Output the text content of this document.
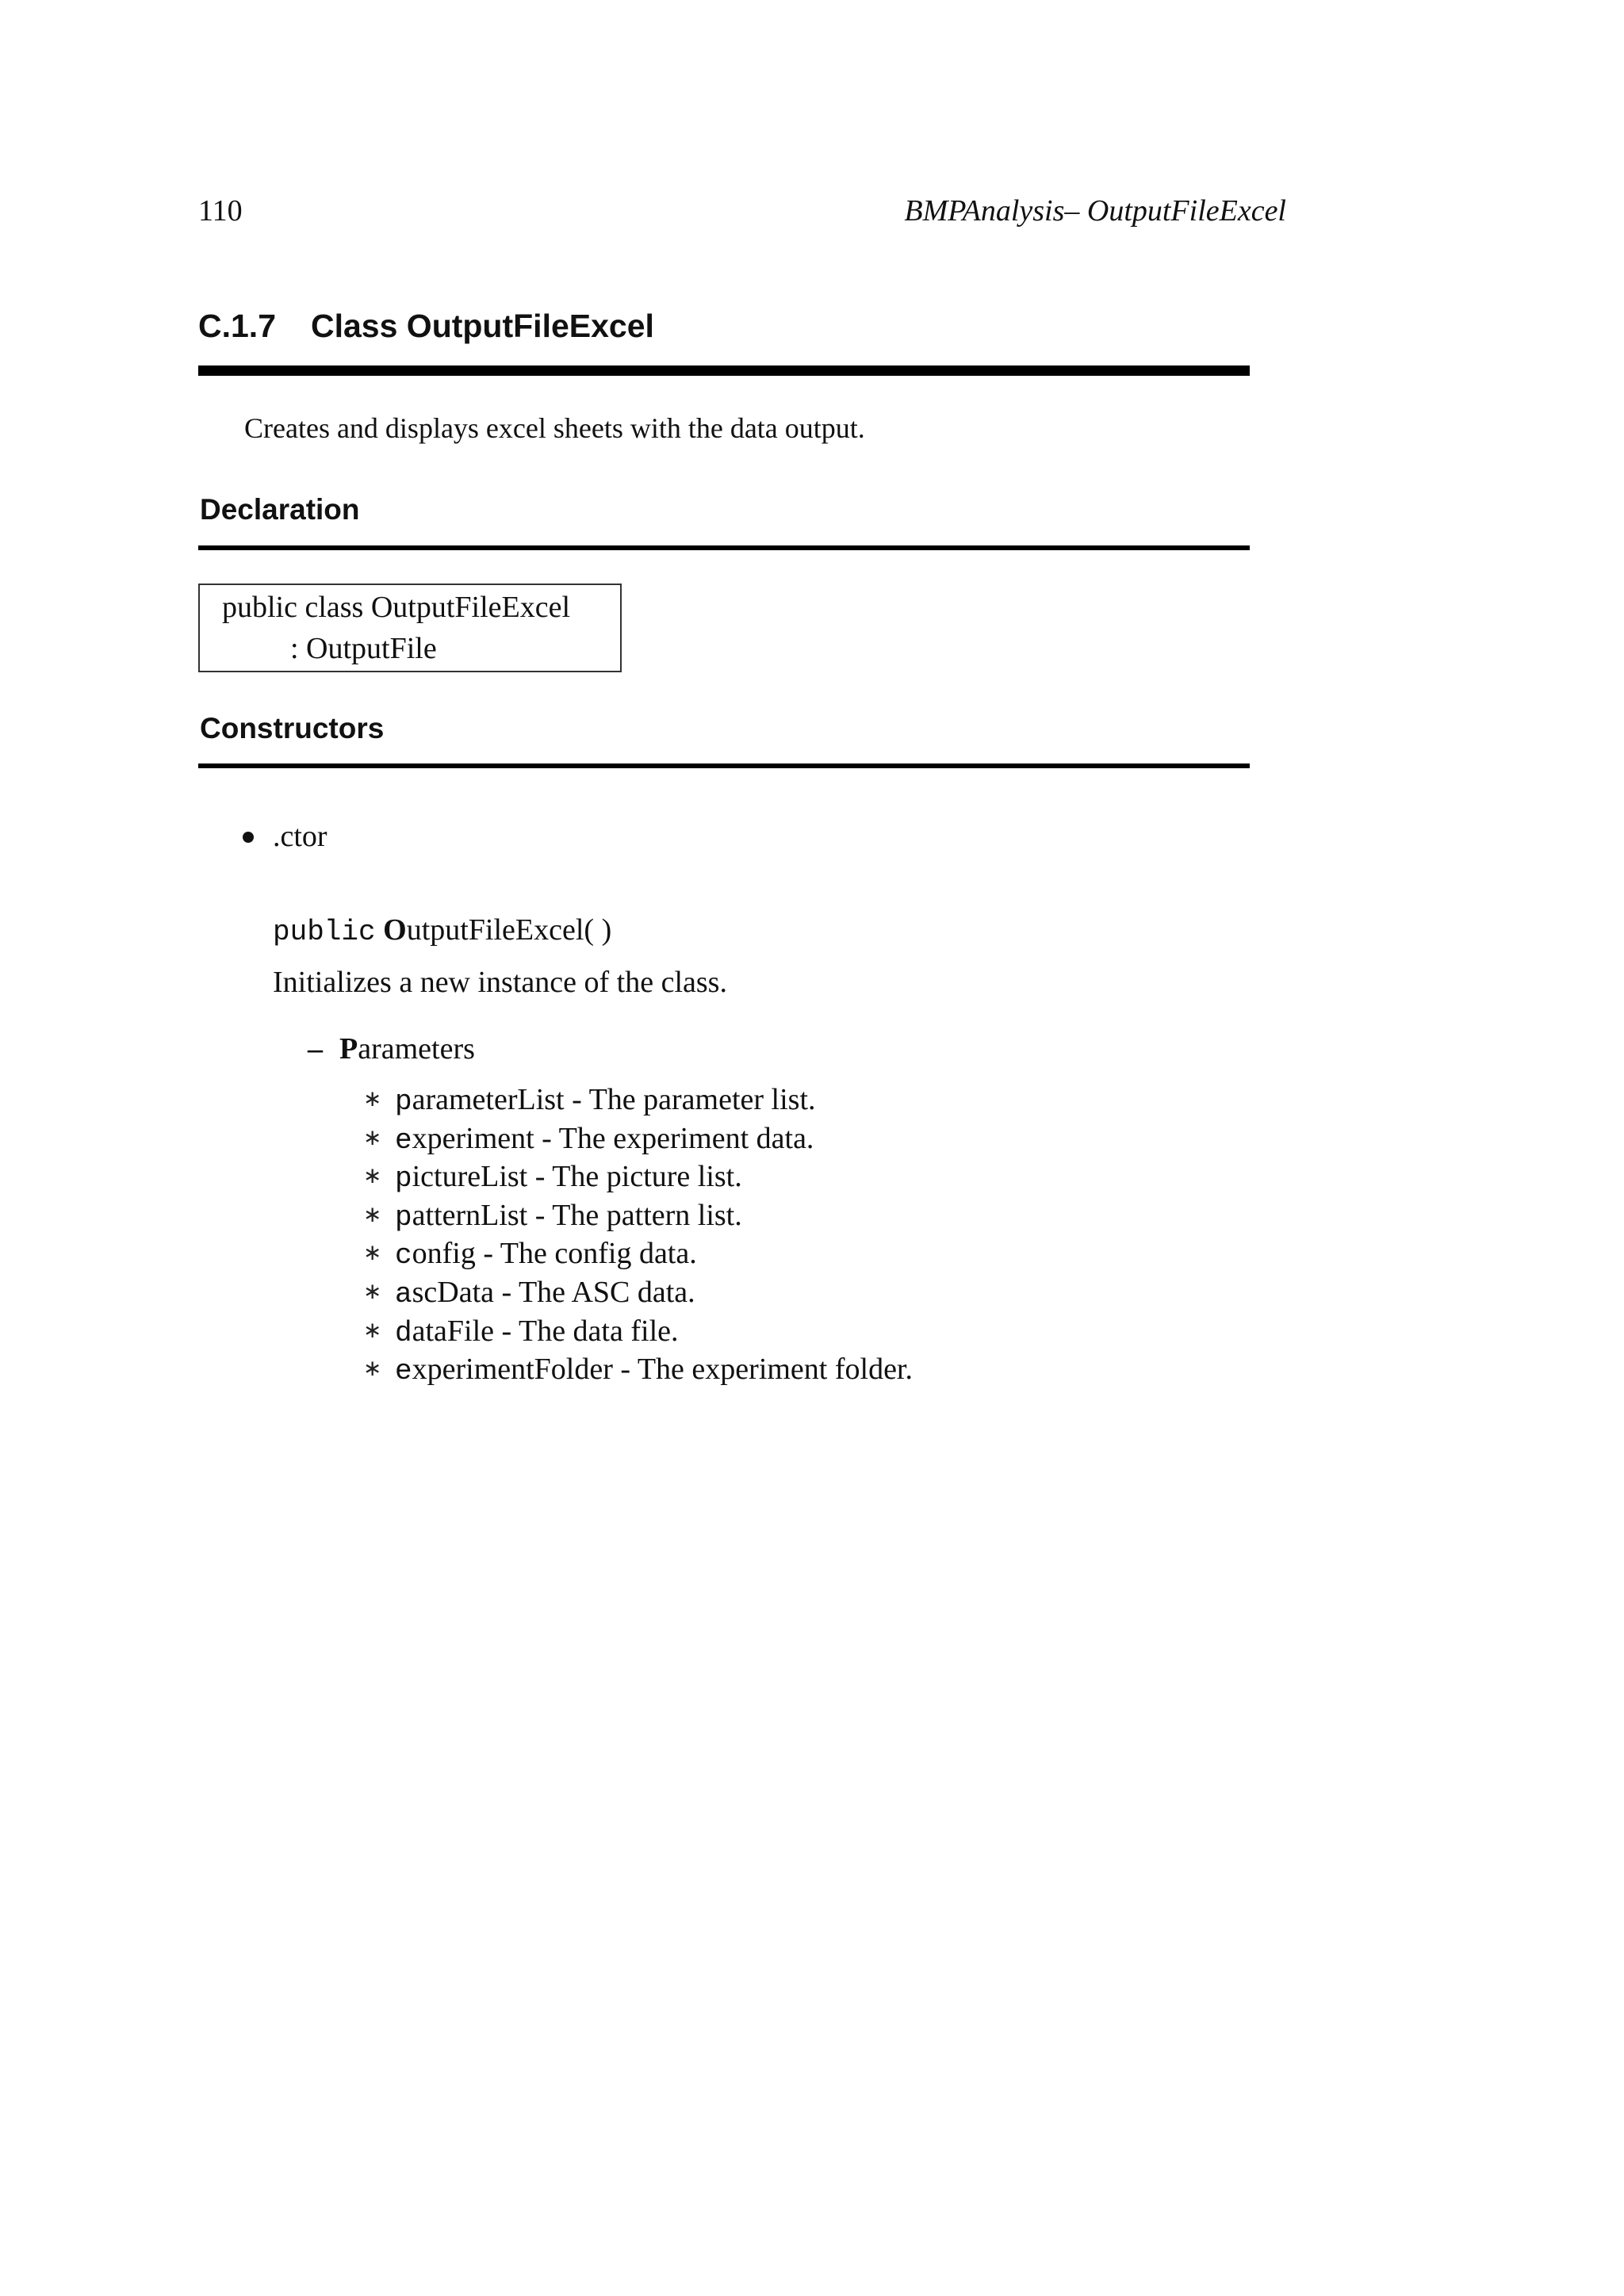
110	BMPAnalysis– OutputFileExcel
C.1.7 Class OutputFileExcel
Creates and displays excel sheets with the data output.
Declaration
public class OutputFileExcel
: OutputFile
Constructors
.ctor
public OutputFileExcel( )
Initializes a new instance of the class.
– Parameters
∗ parameterList - The parameter list.
∗ experiment - The experiment data.
∗ pictureList - The picture list.
∗ patternList - The pattern list.
∗ config - The config data.
∗ ascData - The ASC data.
∗ dataFile - The data file.
∗ experimentFolder - The experiment folder.
